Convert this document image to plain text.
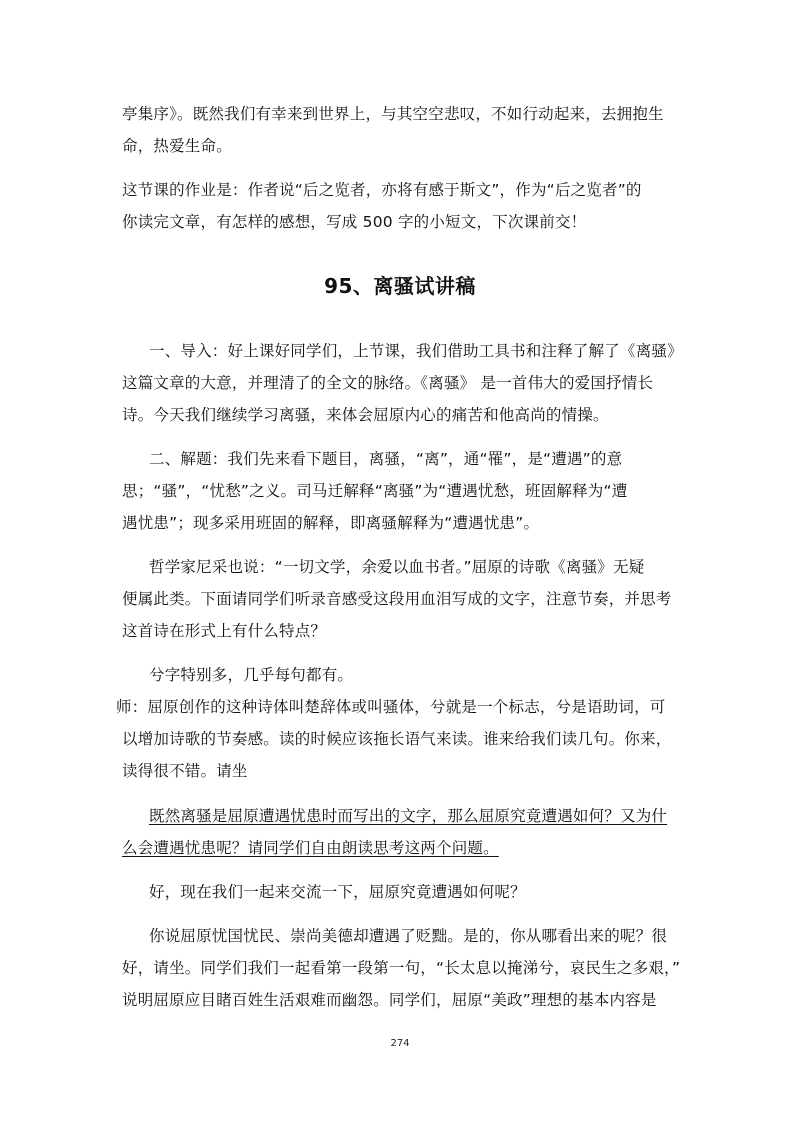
亭集序》。既然我们有幸来到世界上，与其空空悲叹，不如行动起来，去拥抱生
命，热爱生命。
这节课的作业是：作者说“后之览者，亦将有感于斯文”，作为“后之览者”的
你读完文章，有怎样的感想，写成 500 字的小短文，下次课前交！
95、离骚试讲稿
一、导入：好上课好同学们，上节课，我们借助工具书和注释了解了《离骚》
这篇文章的大意，并理清了的全文的脉络。《离骚》 是一首伟大的爱国抒情长
诗。今天我们继续学习离骚，来体会屈原内心的痛苦和他高尚的情操。
二、解题：我们先来看下题目，离骚，“离”，通“罹”，是“遭遇”的意
思；“骚”，“忧愁”之义。司马迁解释“离骚”为“遭遇忧愁，班固解释为“遭
遇忧患”；现多采用班固的解释，即离骚解释为“遭遇忧患”。
哲学家尼采也说：“一切文学，余爱以血书者。”屈原的诗歌《离骚》无疑
便属此类。下面请同学们听录音感受这段用血泪写成的文字，注意节奏，并思考
这首诗在形式上有什么特点？
兮字特别多，几乎每句都有。
师：屈原创作的这种诗体叫楚辞体或叫骚体，兮就是一个标志，兮是语助词，可
以增加诗歌的节奏感。读的时候应该拖长语气来读。谁来给我们读几句。你来，
读得很不错。请坐
既然离骚是屈原遭遇忧患时而写出的文字，那么屈原究竟遭遇如何？又为什
么会遭遇忧患呢？请同学们自由朗读思考这两个问题。
好，现在我们一起来交流一下，屈原究竟遭遇如何呢？
你说屈原忧国忧民、崇尚美德却遭遇了贬黜。是的，你从哪看出来的呢？很
好，请坐。同学们我们一起看第一段第一句，“长太息以掩涕兮，哀民生之多艰，”
说明屈原应目睹百姓生活艰难而幽怨。同学们，屈原“美政”理想的基本内容是
274
